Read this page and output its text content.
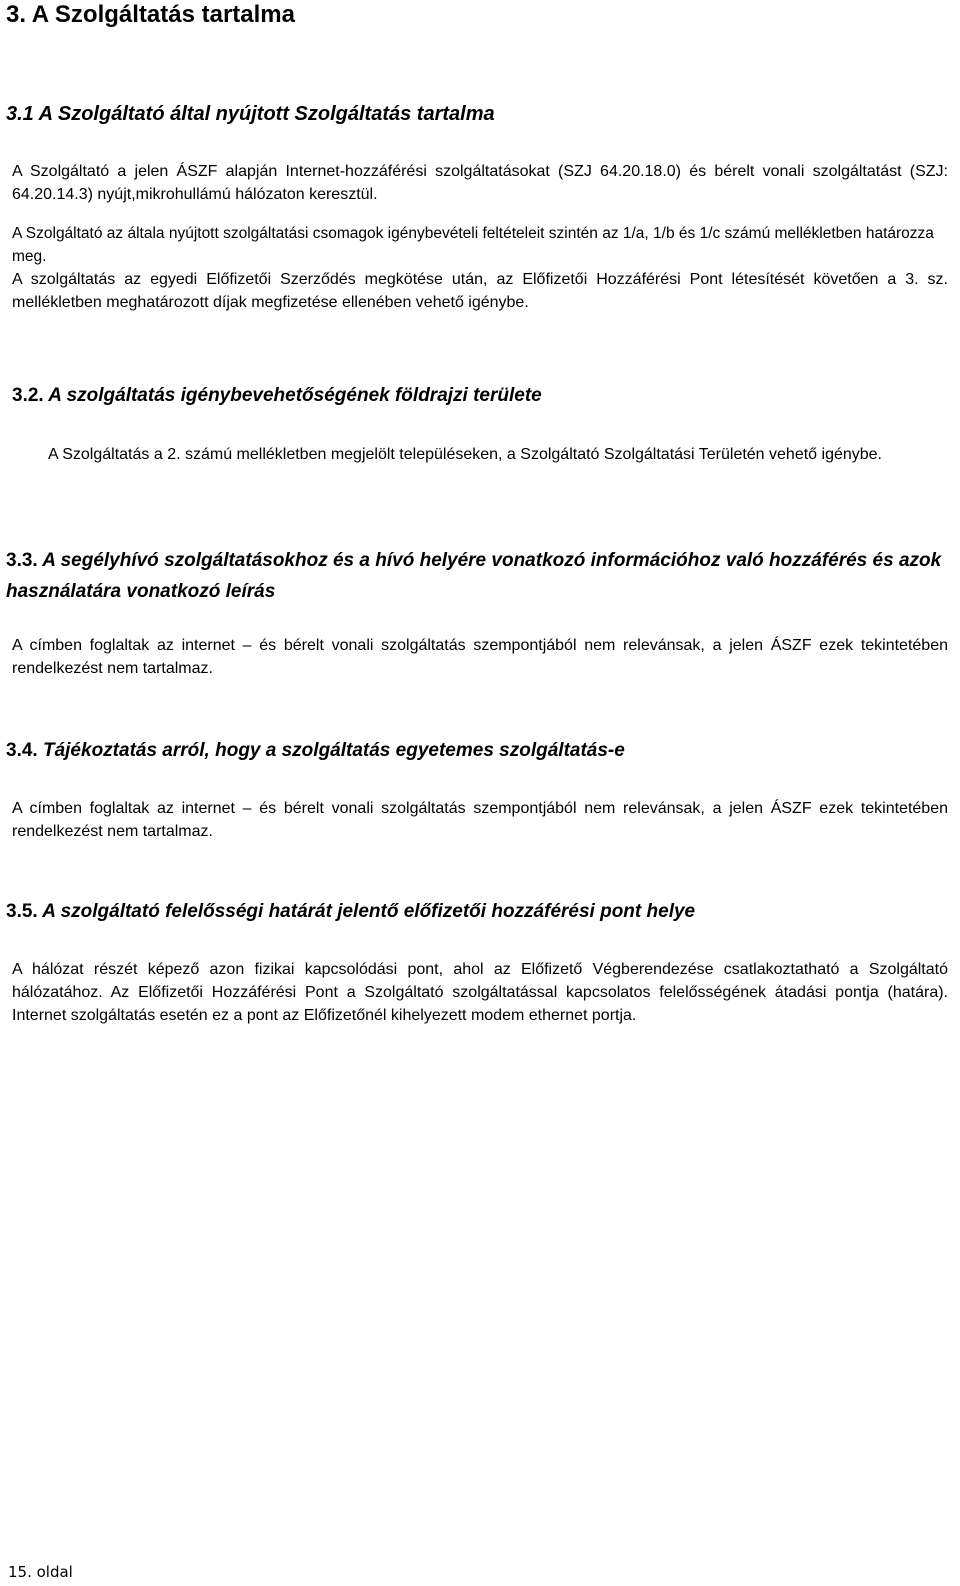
3. A Szolgáltatás tartalma
3.1 A Szolgáltató által nyújtott Szolgáltatás tartalma

A Szolgáltató a jelen ÁSZF alapján Internet-hozzáférési szolgáltatásokat (SZJ 64.20.18.0) és bérelt vonali szolgáltatást (SZJ: 64.20.14.3) nyújt,mikrohullámú hálózaton keresztül.

A Szolgáltató az általa nyújtott szolgáltatási csomagok igénybevételi feltételeit szintén az 1/a, 1/b és 1/c számú mellékletben határozza meg.

A szolgáltatás az egyedi Előfizetői Szerződés megkötése után, az Előfizetői Hozzáférési Pont létesítését követően a 3. sz. mellékletben meghatározott díjak megfizetése ellenében vehető igénybe.

3.2. A szolgáltatás igénybevehetőségének földrajzi területe

A Szolgáltatás a 2. számú mellékletben megjelölt településeken, a Szolgáltató Szolgáltatási Területén vehető igénybe.

3.3. A segélyhívó szolgáltatásokhoz és a hívó helyére vonatkozó információhoz való hozzáférés és azok használatára vonatkozó leírás

A címben foglaltak az internet – és bérelt vonali szolgáltatás szempontjából nem relevánsak, a jelen ÁSZF ezek tekintetében rendelkezést nem tartalmaz.

3.4. Tájékoztatás arról, hogy a szolgáltatás egyetemes szolgáltatás-e

A címben foglaltak az internet – és bérelt vonali szolgáltatás szempontjából nem relevánsak, a jelen ÁSZF ezek tekintetében rendelkezést nem tartalmaz.

3.5. A szolgáltató felelősségi határát jelentő előfizetői hozzáférési pont helye

A hálózat részét képező azon fizikai kapcsolódási pont, ahol az Előfizető Végberendezése csatlakoztatható a Szolgáltató hálózatához. Az Előfizetői Hozzáférési Pont a Szolgáltató szolgáltatással kapcsolatos felelősségének átadási pontja (határa). Internet szolgáltatás esetén ez a pont az Előfizetőnél kihelyezett modem ethernet portja.

15. oldal
